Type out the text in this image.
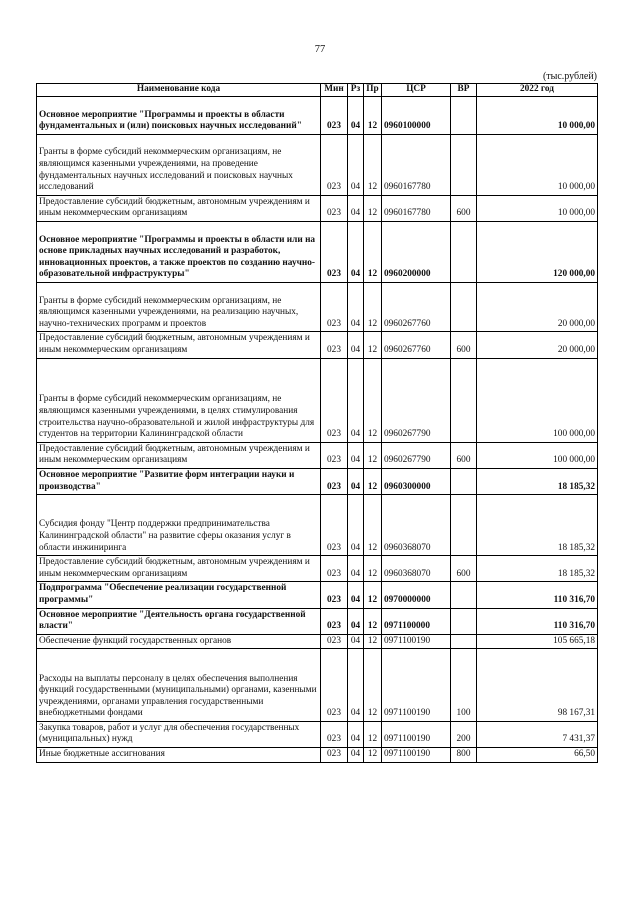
77
(тыс.рублей)
Наименование кода	Мин	Рз	Пр	ЦСР	ВР	2022 год
Основное мероприятие "Программы и проекты в области фундаментальных и (или) поисковых научных исследований"	023	04	12	0960100000		10 000,00
Гранты в форме субсидий некоммерческим организациям, не являющимся казенными учреждениями, на проведение фундаментальных научных исследований и поисковых научных исследований	023	04	12	0960167780		10 000,00
Предоставление субсидий бюджетным, автономным учреждениям и иным некоммерческим организациям	023	04	12	0960167780	600	10 000,00
Основное мероприятие "Программы и проекты в области или на основе прикладных научных исследований и разработок, инновационных проектов, а также проектов по созданию научно-образовательной инфраструктуры"	023	04	12	0960200000		120 000,00
Гранты в форме субсидий некоммерческим организациям, не являющимся казенными учреждениями, на реализацию научных, научно-технических программ и проектов	023	04	12	0960267760		20 000,00
Предоставление субсидий бюджетным, автономным учреждениям и иным некоммерческим организациям	023	04	12	0960267760	600	20 000,00
Гранты в форме субсидий некоммерческим организациям, не являющимся казенными учреждениями, в целях стимулирования строительства научно-образовательной и жилой инфраструктуры для студентов на территории Калининградской области	023	04	12	0960267790		100 000,00
Предоставление субсидий бюджетным, автономным учреждениям и иным некоммерческим организациям	023	04	12	0960267790	600	100 000,00
Основное мероприятие "Развитие форм интеграции науки и производства"	023	04	12	0960300000		18 185,32
Субсидия фонду "Центр поддержки предпринимательства Калининградской области" на развитие сферы оказания услуг в области инжиниринга	023	04	12	0960368070		18 185,32
Предоставление субсидий бюджетным, автономным учреждениям и иным некоммерческим организациям	023	04	12	0960368070	600	18 185,32
Подпрограмма "Обеспечение реализации государственной программы"	023	04	12	0970000000		110 316,70
Основное мероприятие "Деятельность органа государственной власти"	023	04	12	0971100000		110 316,70
Обеспечение функций государственных органов	023	04	12	0971100190		105 665,18
Расходы на выплаты персоналу в целях обеспечения выполнения функций государственными (муниципальными) органами, казенными учреждениями, органами управления государственными внебюджетными фондами	023	04	12	0971100190	100	98 167,31
Закупка товаров, работ и услуг для обеспечения государственных (муниципальных) нужд	023	04	12	0971100190	200	7 431,37
Иные бюджетные ассигнования	023	04	12	0971100190	800	66,50
